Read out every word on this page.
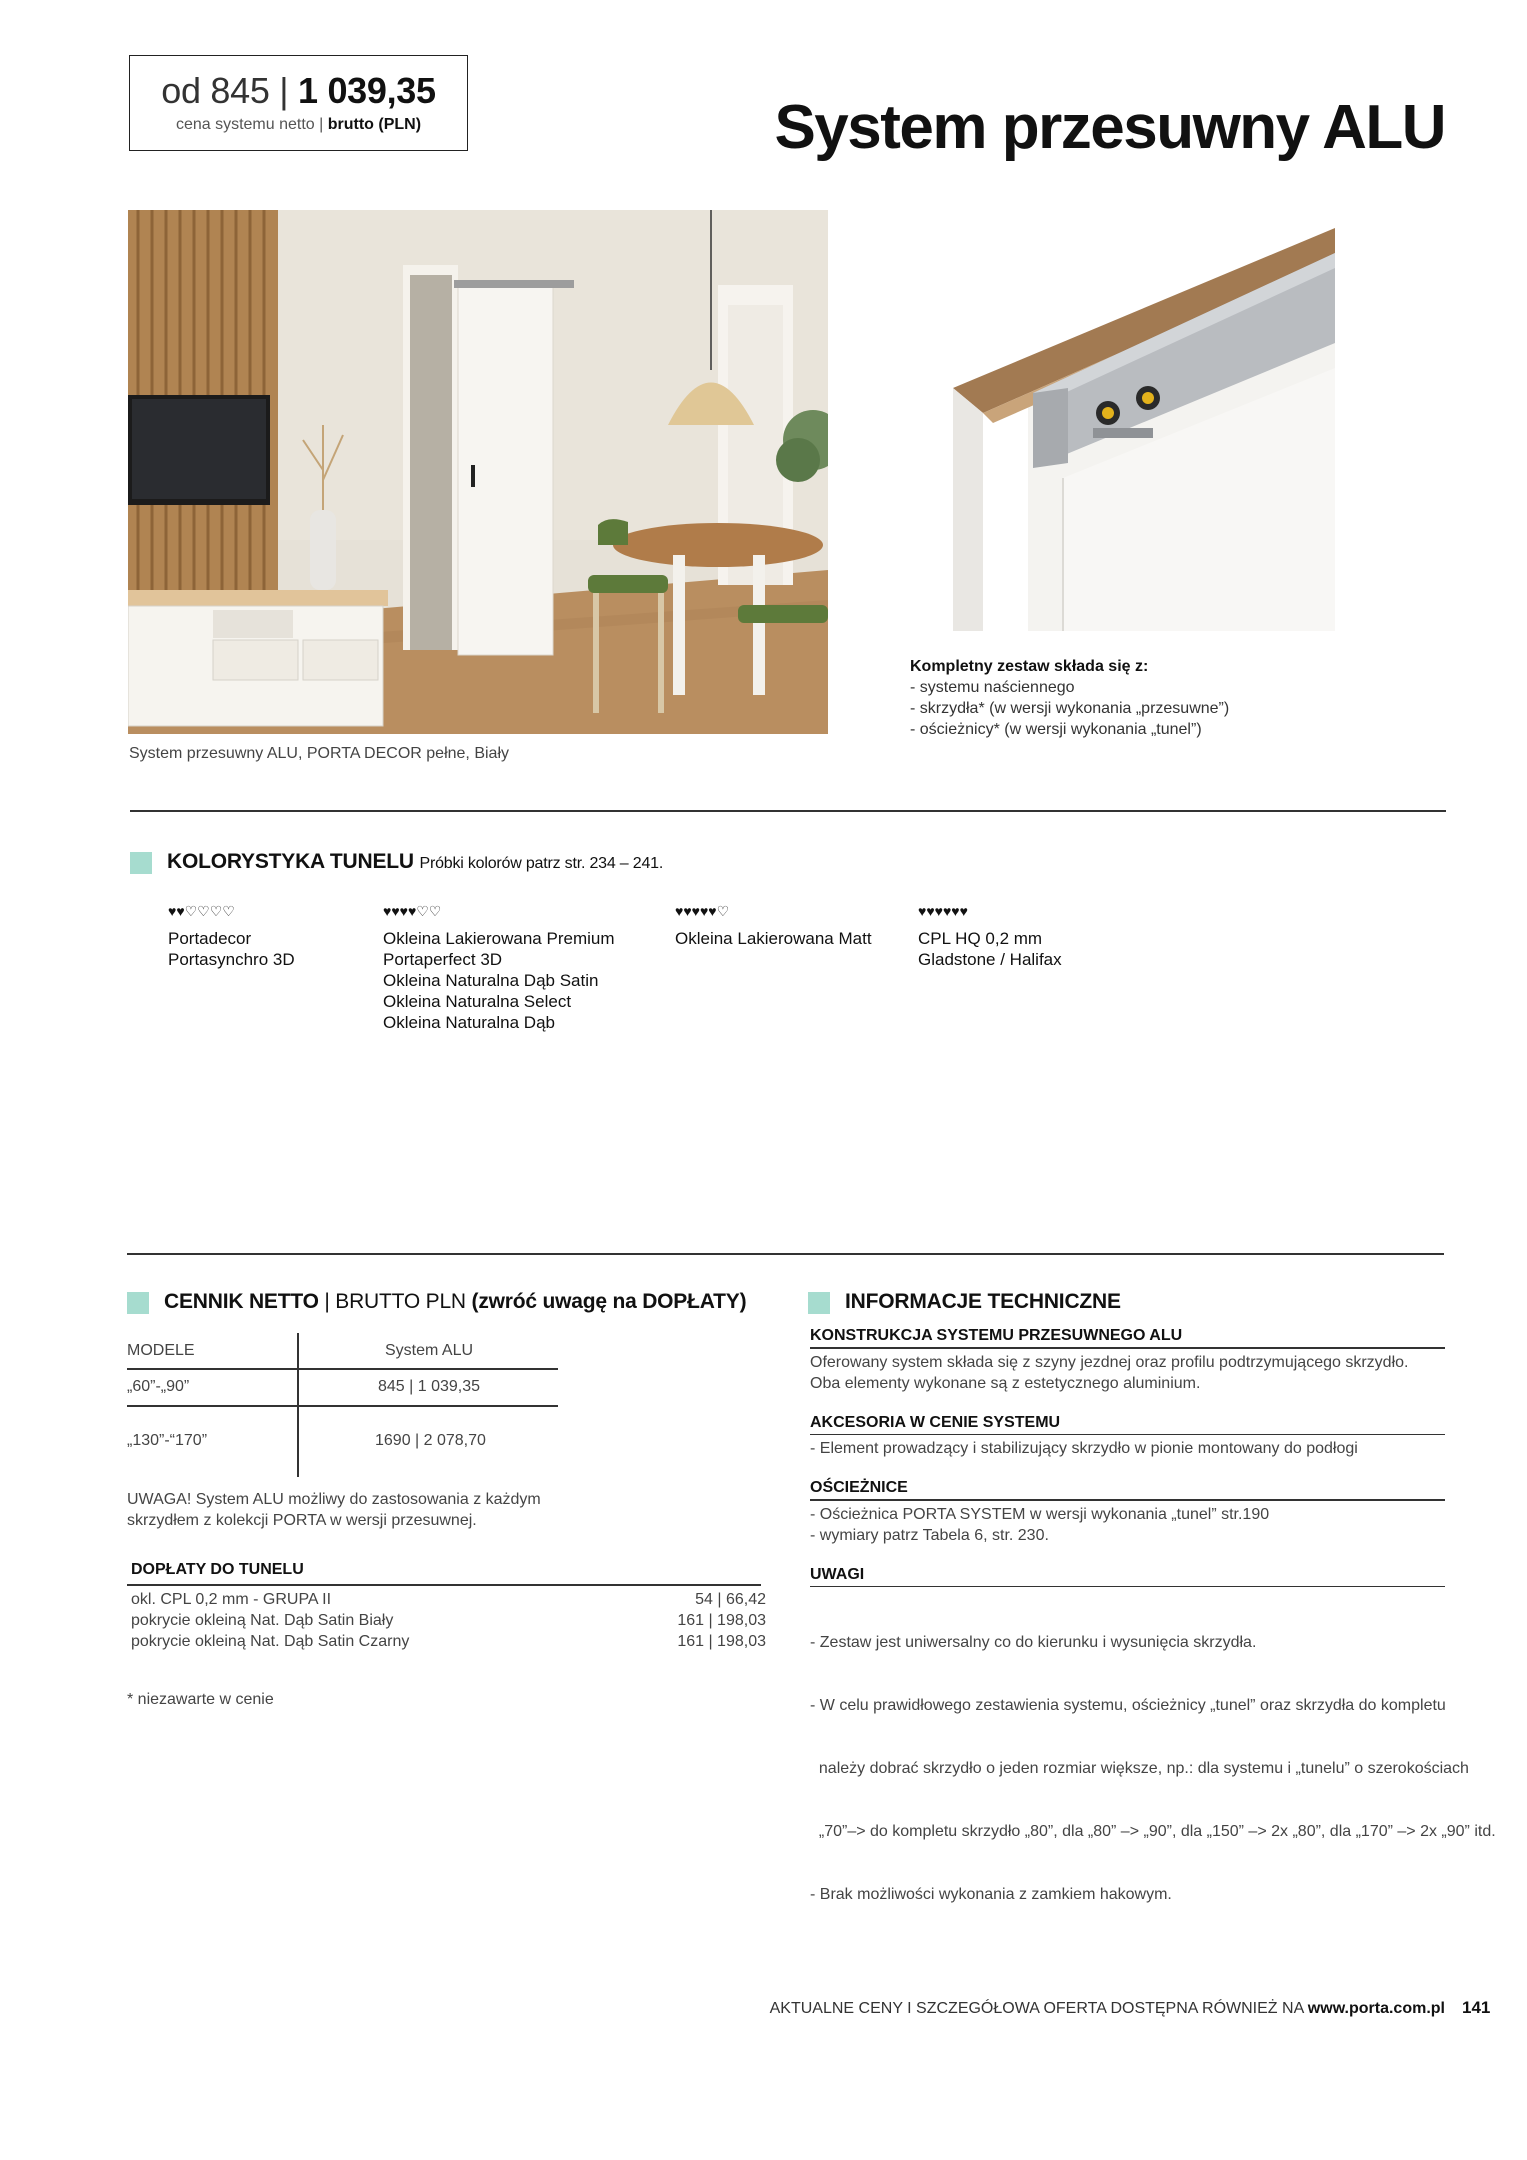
od 845 | 1 039,35
cena systemu netto | brutto (PLN)	System przesuwny ALU
System przesuwny ALU, PORTA DECOR pełne, Biały
Kompletny zestaw składa się z:
- systemu naściennego
- skrzydła* (w wersji wykonania „przesuwne”)
- ościeżnicy* (w wersji wykonania „tunel”)
KOLORYSTYKA TUNELU Próbki kolorów patrz str. 234 – 241.
♥♥♡♡♡♡
Portadecor
Portasynchro 3D
♥♥♥♥♡♡
Okleina Lakierowana Premium
Portaperfect 3D
Okleina Naturalna Dąb Satin
Okleina Naturalna Select
Okleina Naturalna Dąb
♥♥♥♥♥♡
Okleina Lakierowana Matt
♥♥♥♥♥♥
CPL HQ 0,2 mm
Gladstone / Halifax
CENNIK NETTO | BRUTTO PLN (zwróć uwagę na DOPŁATY)
MODELE	System ALU
„60”-„90”	845 | 1 039,35
„130”-“170”	1690 | 2 078,70
UWAGA! System ALU możliwy do zastosowania z każdym
skrzydłem z kolekcji PORTA w wersji przesuwnej.
DOPŁATY DO TUNELU
okl. CPL 0,2 mm - GRUPA II	54 | 66,42
pokrycie okleiną Nat. Dąb Satin Biały	161 | 198,03
pokrycie okleiną Nat. Dąb Satin Czarny	161 | 198,03
* niezawarte w cenie
INFORMACJE TECHNICZNE
KONSTRUKCJA SYSTEMU PRZESUWNEGO ALU
Oferowany system składa się z szyny jezdnej oraz profilu podtrzymującego skrzydło.
Oba elementy wykonane są z estetycznego aluminium.
AKCESORIA W CENIE SYSTEMU
- Element prowadzący i stabilizujący skrzydło w pionie montowany do podłogi
OŚCIEŻNICE
- Ościeżnica PORTA SYSTEM w wersji wykonania „tunel” str.190
- wymiary patrz Tabela 6, str. 230.
UWAGI

- Zestaw jest uniwersalny co do kierunku i wysunięcia skrzydła.

- W celu prawidłowego zestawienia systemu, ościeżnicy „tunel” oraz skrzydła do kompletu

należy dobrać skrzydło o jeden rozmiar większe, np.: dla systemu i „tunelu” o szerokościach

„70”–> do kompletu skrzydło „80”, dla „80” –> „90”, dla „150” –> 2x „80”, dla „170” –> 2x „90” itd.

- Brak możliwości wykonania z zamkiem hakowym.

AKTUALNE CENY I SZCZEGÓŁOWA OFERTA DOSTĘPNA RÓWNIEŻ NA www.porta.com.pl 141
